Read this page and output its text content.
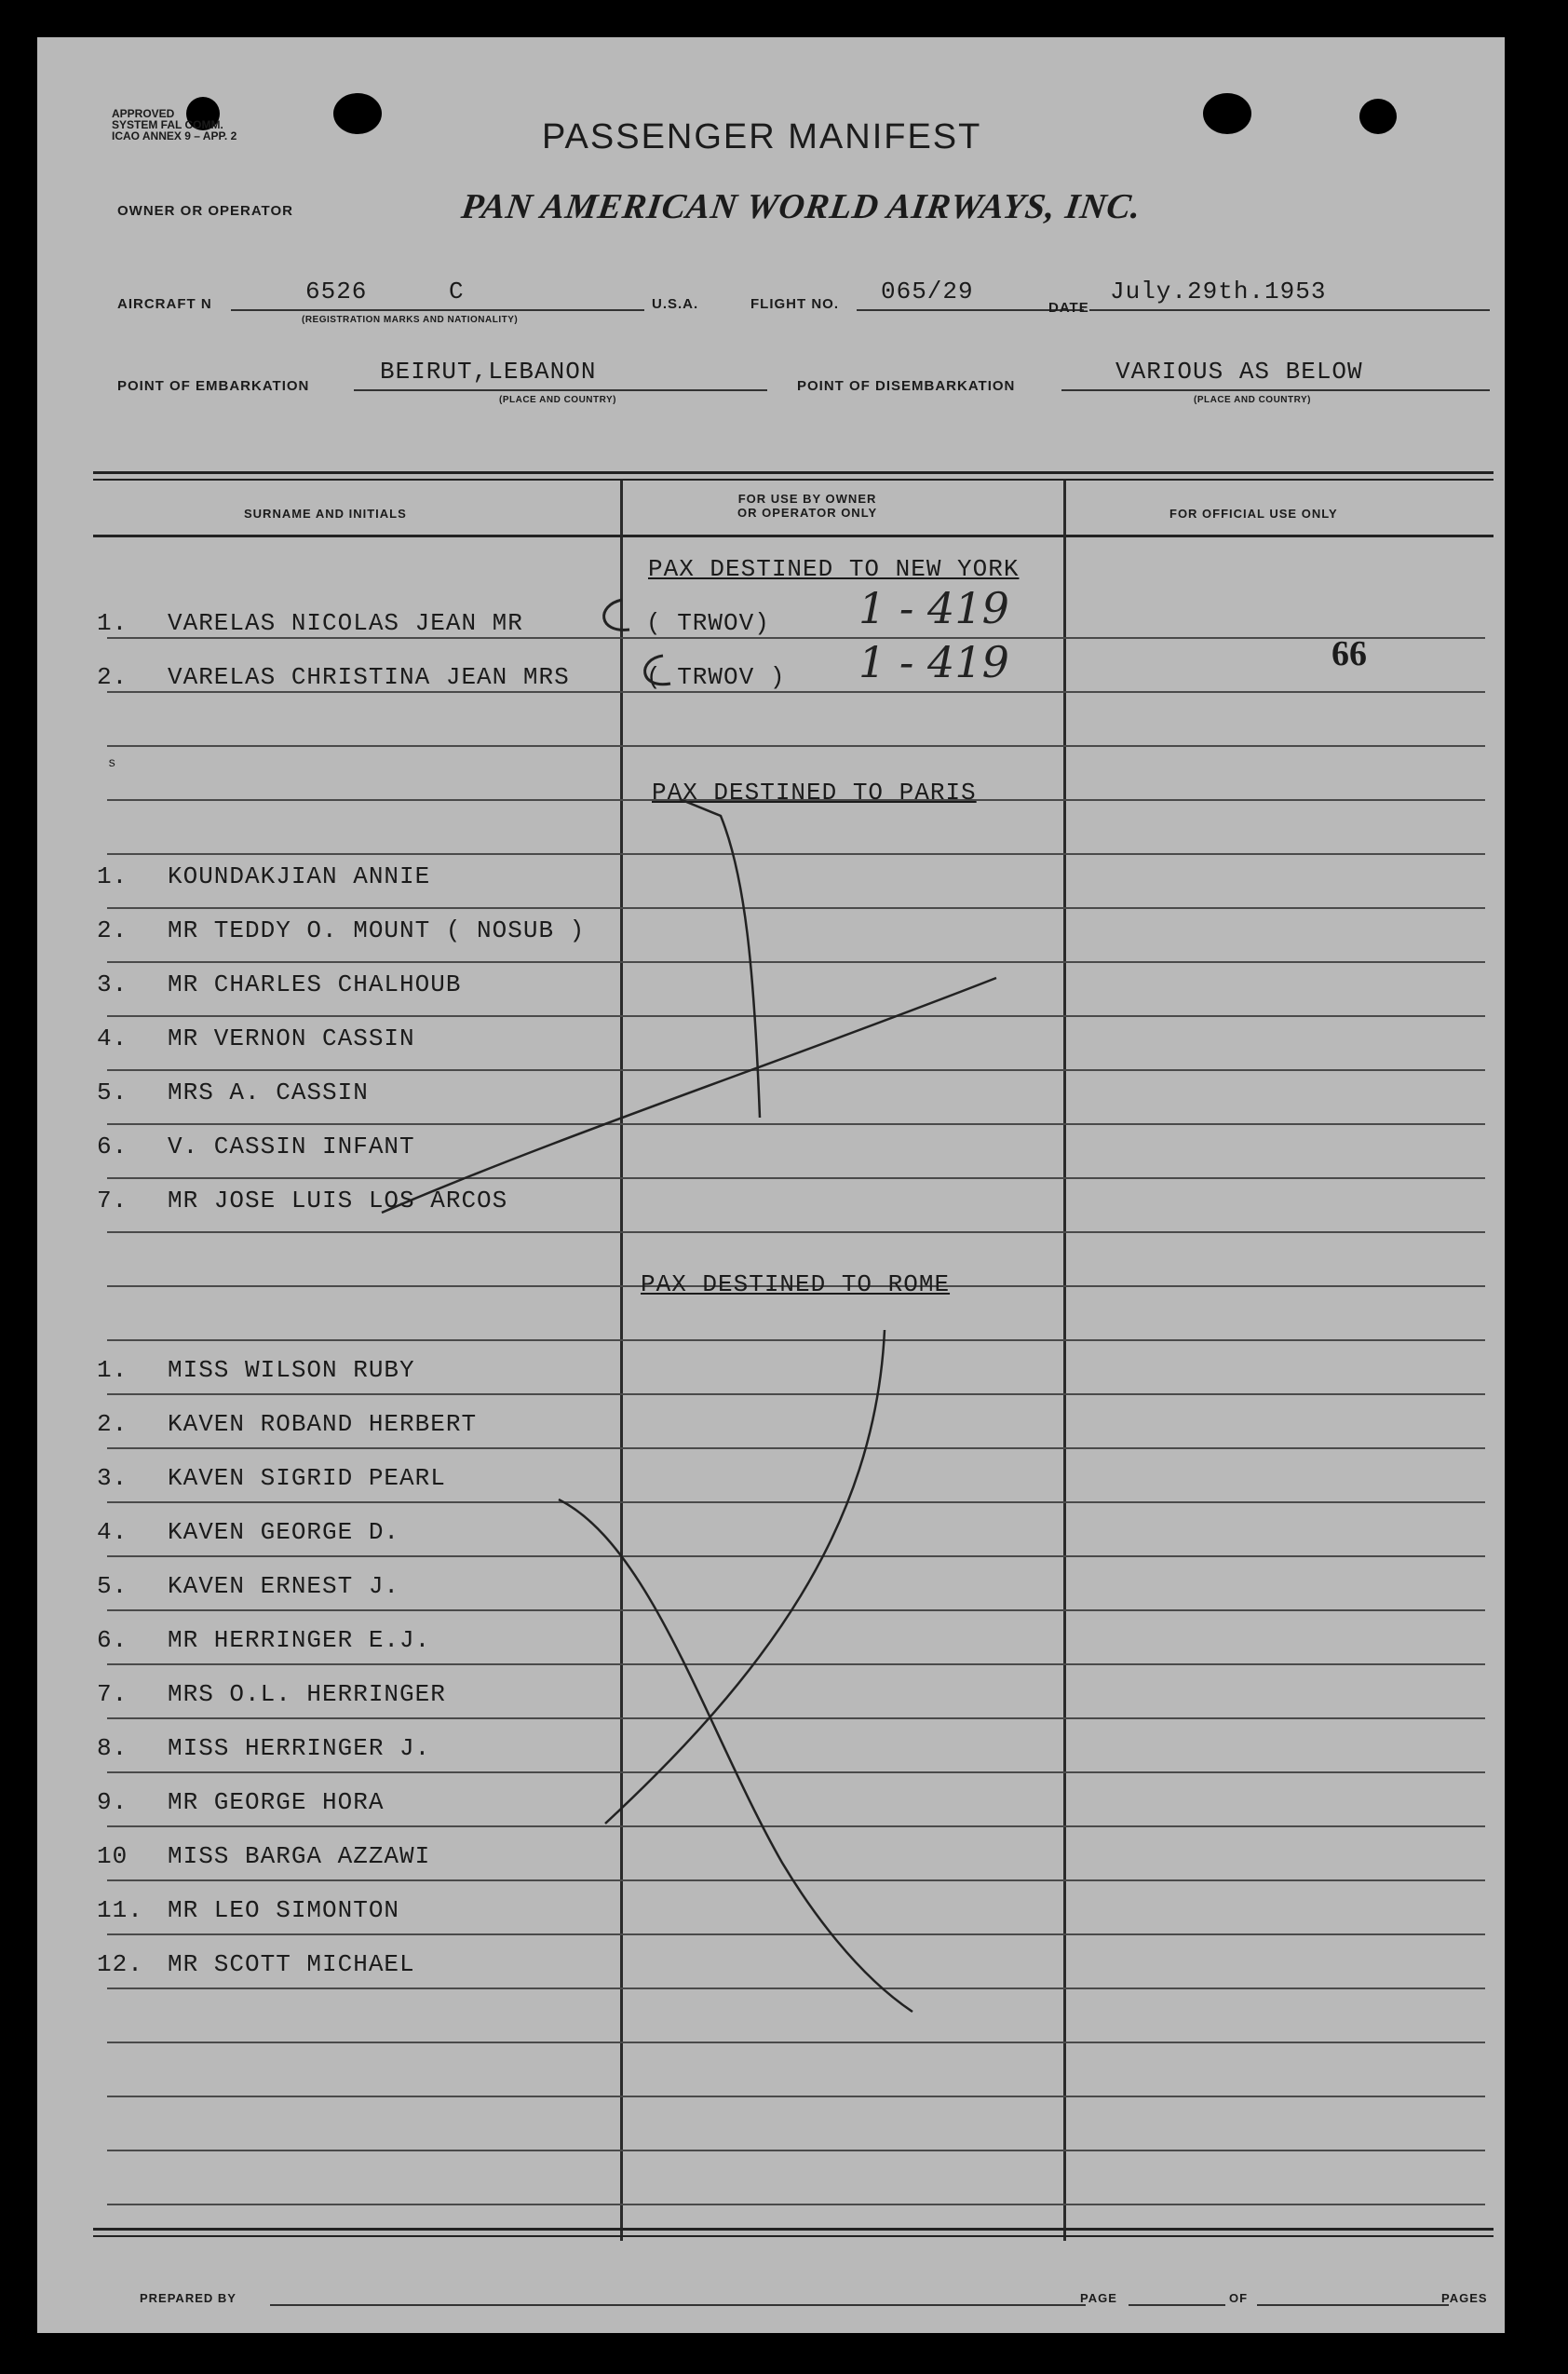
APPROVED
SYSTEM FAL COMM.
ICAO ANNEX 9 – APP. 2	PASSENGER MANIFEST
OWNER OR OPERATOR	PAN AMERICAN WORLD AIRWAYS, INC.
AIRCRAFT N	6526	C
(REGISTRATION MARKS AND NATIONALITY)
U.S.A.	FLIGHT NO. 065/29
DATE
July.29th.1953
POINT OF EMBARKATION
BEIRUT,LEBANON
(PLACE AND COUNTRY)
POINT OF DISEMBARKATION
VARIOUS AS BELOW
(PLACE AND COUNTRY)
SURNAME AND INITIALS
FOR USE BY OWNER
OR OPERATOR ONLY	FOR OFFICIAL USE ONLY
PAX DESTINED TO NEW YORK
1. VARELAS NICOLAS JEAN MR	( TRWOV) 1 - 419
2. VARELAS CHRISTINA JEAN MRS	( TRWOV ) 1 - 419	66
s
PAX DESTINED TO PARIS
1. KOUNDAKJIAN ANNIE
2. MR TEDDY O. MOUNT ( NOSUB )
3. MR CHARLES CHALHOUB
4. MR VERNON CASSIN
5. MRS A. CASSIN
6. V. CASSIN INFANT
7. MR JOSE LUIS LOS ARCOS
PAX DESTINED TO ROME
1. MISS WILSON RUBY
2. KAVEN ROBAND HERBERT
3. KAVEN SIGRID PEARL
4. KAVEN GEORGE D.
5. KAVEN ERNEST J.
6. MR HERRINGER E.J.
7. MRS O.L. HERRINGER
8. MISS HERRINGER J.
9. MR GEORGE HORA
10 MISS BARGA AZZAWI
11. MR LEO SIMONTON
12. MR SCOTT MICHAEL
PREPARED BY	PAGE	OF	PAGES
